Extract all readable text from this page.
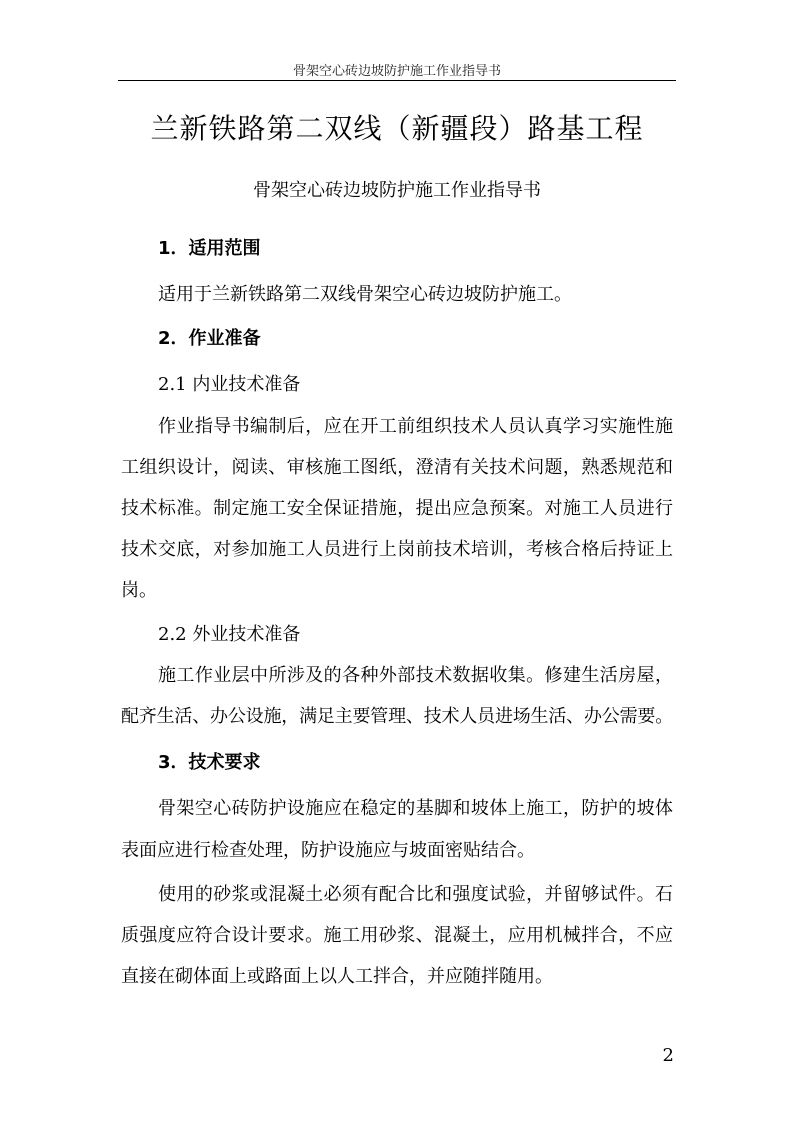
骨架空心砖边坡防护施工作业指导书
兰新铁路第二双线（新疆段）路基工程
骨架空心砖边坡防护施工作业指导书
1．适用范围
适用于兰新铁路第二双线骨架空心砖边坡防护施工。
2．作业准备
2.1 内业技术准备
作业指导书编制后，应在开工前组织技术人员认真学习实施性施
工组织设计，阅读、审核施工图纸，澄清有关技术问题，熟悉规范和
技术标准。制定施工安全保证措施，提出应急预案。对施工人员进行
技术交底，对参加施工人员进行上岗前技术培训，考核合格后持证上
岗。
2.2 外业技术准备
施工作业层中所涉及的各种外部技术数据收集。修建生活房屋，
配齐生活、办公设施，满足主要管理、技术人员进场生活、办公需要。
3．技术要求
骨架空心砖防护设施应在稳定的基脚和坡体上施工，防护的坡体
表面应进行检查处理，防护设施应与坡面密贴结合。
使用的砂浆或混凝土必须有配合比和强度试验，并留够试件。石
质强度应符合设计要求。施工用砂浆、混凝土，应用机械拌合，不应
直接在砌体面上或路面上以人工拌合，并应随拌随用。
2
